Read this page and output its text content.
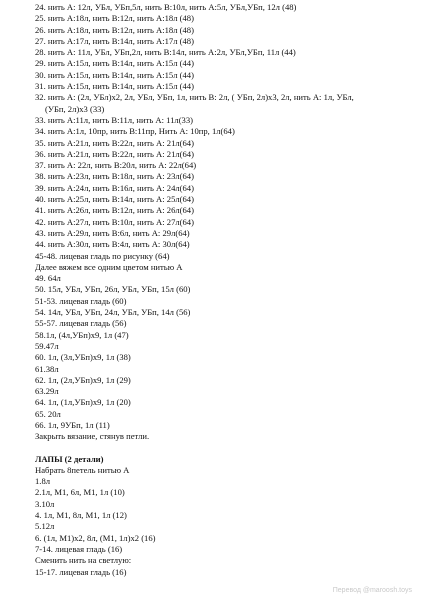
24. нить А: 12л, УБл, УБп,5л, нить В:10л, нить А:5л, УБл,УБп, 12л (48)
25. нить А:18л, нить В:12л, нить А:18л (48)
26. нить А:18л, нить В:12л, нить А:18л (48)
27. нить А:17л, нить В:14л, нить А:17л (48)
28. нить А: 11л, УБл, УБп,2л, нить В:14л, нить А:2л, УБл,УБп, 11л (44)
29. нить А:15л, нить В:14л, нить А:15л (44)
30. нить А:15л, нить В:14л, нить А:15л (44)
31. нить А:15л, нить В:14л, нить А:15л (44)
32. нить А: (2л, УБл)х2, 2л, УБл, УБп, 1л, нить В: 2л, ( УБп, 2л)х3, 2л, нить А: 1л, УБл,
(УБп, 2л)х3 (33)
33. нить А:11л, нить В:11л, нить А: 11л(33)
34. нить А:1л, 10пр, нить В:11пр, Нить А: 10пр, 1л(64)
35. нить А:21л, нить В:22л, нить А: 21л(64)
36. нить А:21л, нить В:22л, нить А: 21л(64)
37. нить А: 22л, нить В:20л, нить А: 22л(64)
38. нить А:23л, нить В:18л, нить А: 23л(64)
39. нить А:24л, нить В:16л, нить А: 24л(64)
40. нить А:25л, нить В:14л, нить А: 25л(64)
41. нить А:26л, нить В:12л, нить А: 26л(64)
42. нить А:27л, нить В:10л, нить А: 27л(64)
43. нить А:29л, нить В:6л, нить А: 29л(64)
44. нить А:30л, нить В:4л, нить А: 30л(64)
45-48. лицевая гладь по рисунку (64)
Далее вяжем все одним цветом нитью А
49. 64л
50. 15л, УБл, УБп, 26л, УБл, УБп, 15л (60)
51-53. лицевая гладь (60)
54. 14л, УБл, УБп, 24л, УБл, УБп, 14л (56)
55-57. лицевая гладь (56)
58.1л, (4л,УБп)х9, 1л (47)
59.47л
60. 1л, (3л,УБп)х9, 1л (38)
61.38л
62. 1л, (2л,УБп)х9, 1л (29)
63.29л
64. 1л, (1л,УБп)х9, 1л (20)
65. 20л
66. 1л, 9УБп, 1л (11)
Закрыть вязание, стянув петли.
ЛАПЫ (2 детали)
Набрать 8петель нитью А
1.8л
2.1л, М1, 6л, М1, 1л (10)
3.10л
4. 1л, М1, 8л, М1, 1л (12)
5.12л
6. (1л, М1)х2, 8л, (М1, 1л)х2 (16)
7-14. лицевая гладь (16)
Сменить нить на светлую:
15-17. лицевая гладь (16)
Перевод @maroosh.toys
